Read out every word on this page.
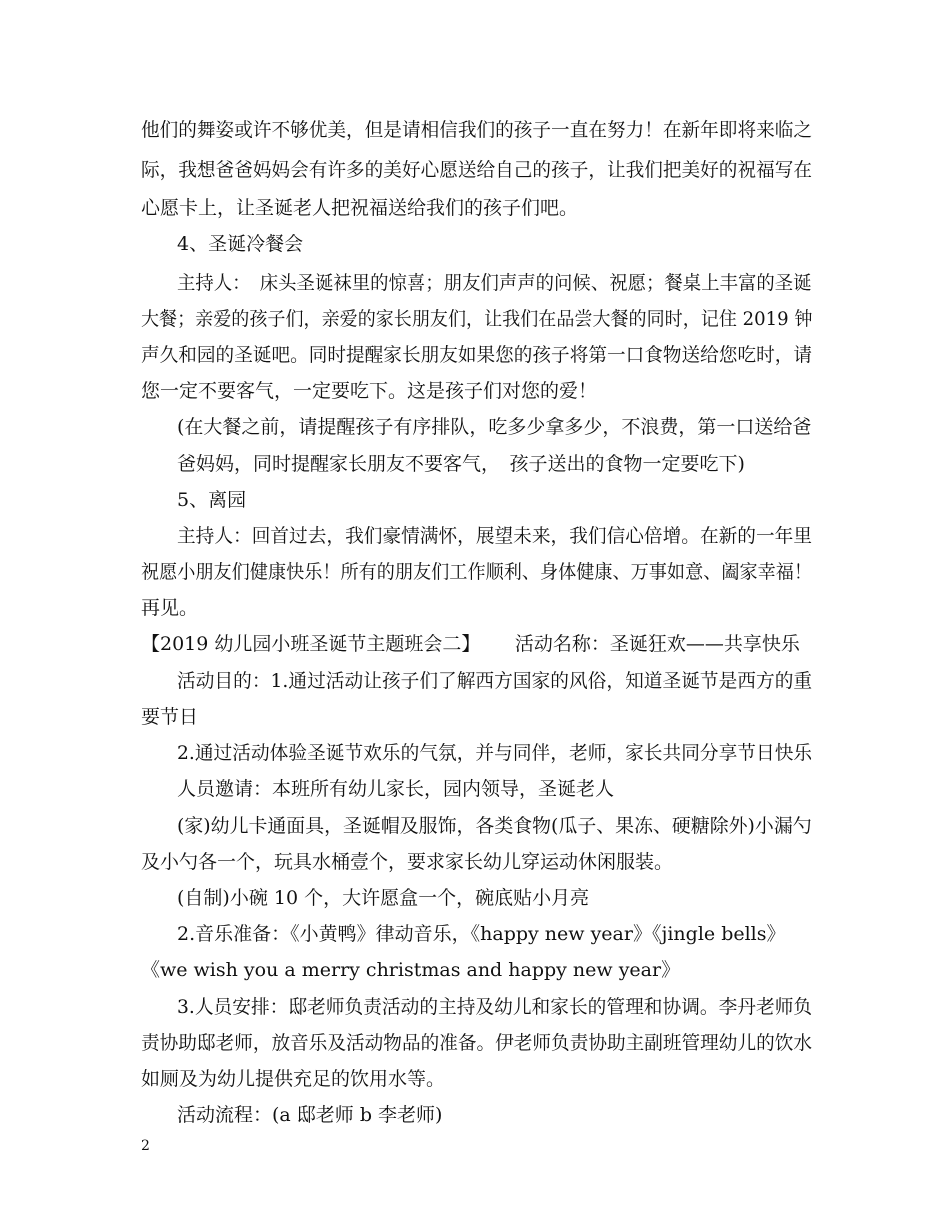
他们的舞姿或许不够优美，但是请相信我们的孩子一直在努力！在新年即将来临之
际，我想爸爸妈妈会有许多的美好心愿送给自己的孩子，让我们把美好的祝福写在
心愿卡上，让圣诞老人把祝福送给我们的孩子们吧。
4、圣诞冷餐会
主持人：　床头圣诞袜里的惊喜；朋友们声声的问候、祝愿；餐桌上丰富的圣诞
大餐；亲爱的孩子们，亲爱的家长朋友们，让我们在品尝大餐的同时，记住 2019 钟
声久和园的圣诞吧。同时提醒家长朋友如果您的孩子将第一口食物送给您吃时，请
您一定不要客气，一定要吃下。这是孩子们对您的爱！
(在大餐之前，请提醒孩子有序排队，吃多少拿多少，不浪费，第一口送给爸
爸妈妈，同时提醒家长朋友不要客气，　孩子送出的食物一定要吃下)
5、离园
主持人：回首过去，我们豪情满怀，展望未来，我们信心倍增。在新的一年里
祝愿小朋友们健康快乐！所有的朋友们工作顺利、身体健康、万事如意、阖家幸福！
再见。
【2019 幼儿园小班圣诞节主题班会二】　　 活动名称：圣诞狂欢——共享快乐
活动目的：1.通过活动让孩子们了解西方国家的风俗，知道圣诞节是西方的重
要节日
2.通过活动体验圣诞节欢乐的气氛，并与同伴，老师，家长共同分享节日快乐
人员邀请：本班所有幼儿家长，园内领导，圣诞老人
(家)幼儿卡通面具，圣诞帽及服饰，各类食物(瓜子、果冻、硬糖除外)小漏勺
及小勺各一个，玩具水桶壹个，要求家长幼儿穿运动休闲服装。
(自制)小碗 10 个，大许愿盒一个，碗底贴小月亮
2.音乐准备：《小黄鸭》律动音乐，《happy new year》《jingle bells》
《we wish you a merry christmas and happy new year》
3.人员安排：邸老师负责活动的主持及幼儿和家长的管理和协调。李丹老师负
责协助邸老师，放音乐及活动物品的准备。伊老师负责协助主副班管理幼儿的饮水
如厕及为幼儿提供充足的饮用水等。
活动流程：(a 邸老师 b 李老师)
2
